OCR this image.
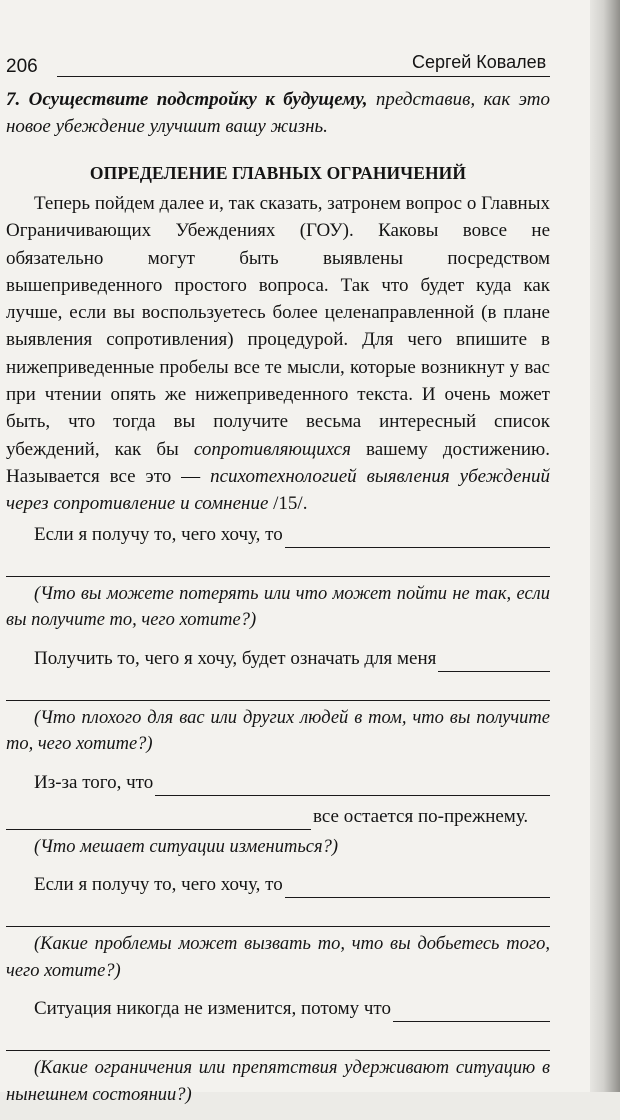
206	Сергей Ковалев

7. Осуществите подстройку к будущему, представив, как это новое убеждение улучшит вашу жизнь.

ОПРЕДЕЛЕНИЕ ГЛАВНЫХ ОГРАНИЧЕНИЙ

Теперь пойдем далее и, так сказать, затронем вопрос о Главных Ограничивающих Убеждениях (ГОУ). Каковы вовсе не обязательно могут быть выявлены посредством вышеприведенного простого вопроса. Так что будет куда как лучше, если вы воспользуетесь более целенаправленной (в плане выявления сопротивления) процедурой. Для чего впишите в нижеприведенные пробелы все те мысли, которые возникнут у вас при чтении опять же нижеприведенного текста. И очень может быть, что тогда вы получите весьма интересный список убеждений, как бы сопротивляющихся вашему достижению. Называется все это — психотехнологией выявления убеждений через сопротивление и сомнение /15/.

Если я получу то, чего хочу, то

(Что вы можете потерять или что может пойти не так, если вы получите то, чего хотите?)

Получить то, чего я хочу, будет означать для меня

(Что плохого для вас или других людей в том, что вы получите то, чего хотите?)

Из-за того, что
все остается по-прежнему.

(Что мешает ситуации измениться?)

Если я получу то, чего хочу, то

(Какие проблемы может вызвать то, что вы добьетесь того, чего хотите?)

Ситуация никогда не изменится, потому что

(Какие ограничения или препятствия удерживают ситуацию в нынешнем состоянии?)
